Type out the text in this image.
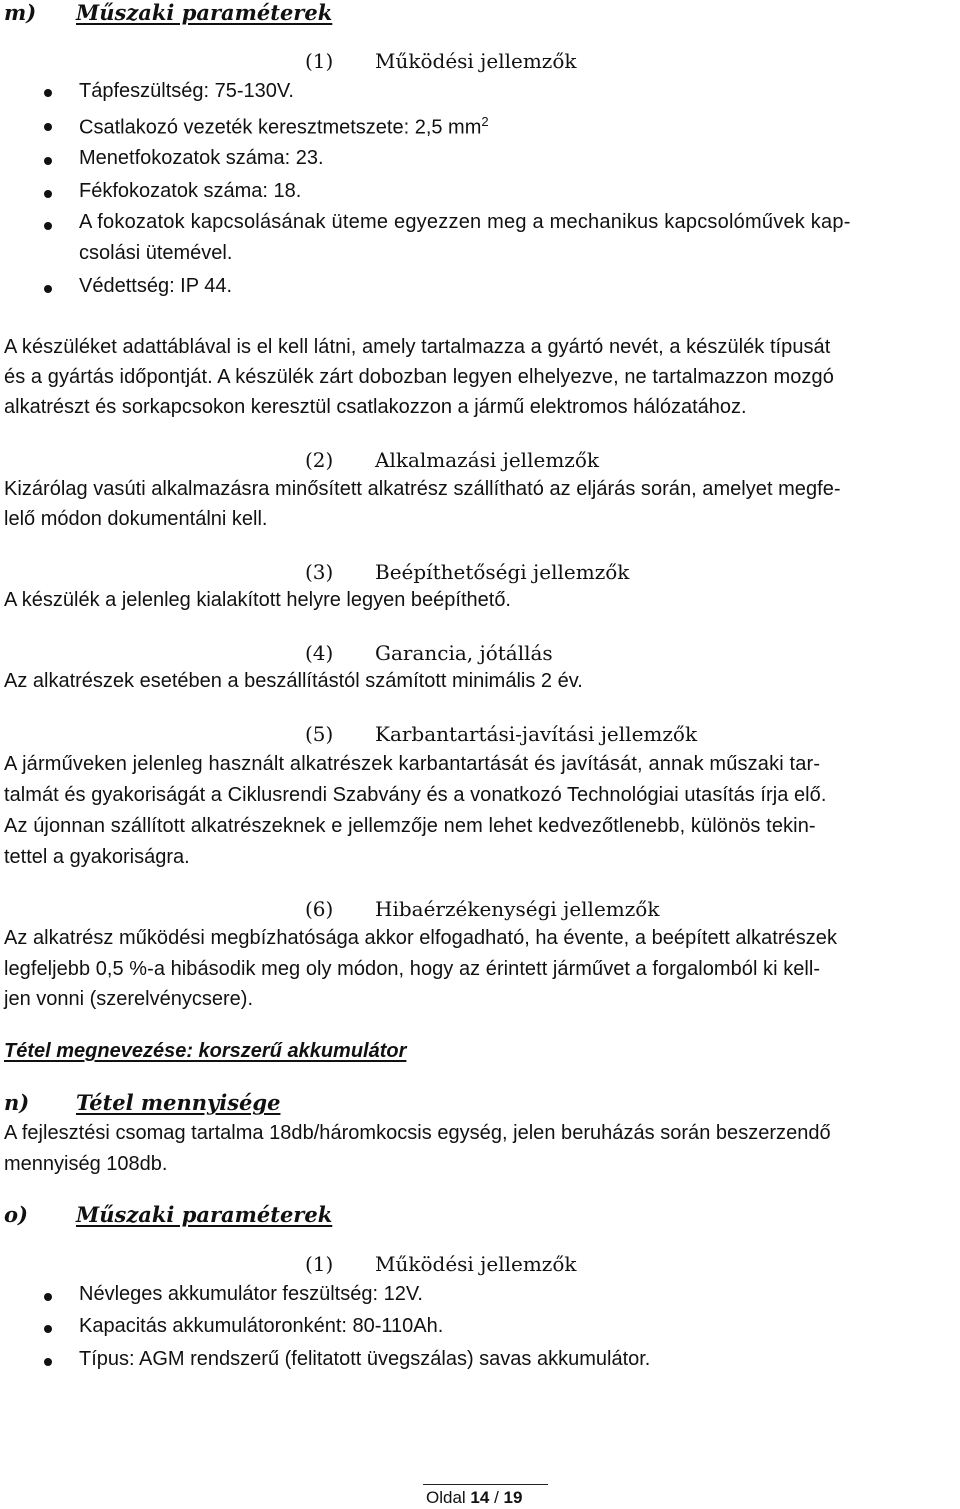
m) Műszaki paraméterek
(1) Működési jellemzők
Tápfeszültség: 75-130V.
Csatlakozó vezeték keresztmetszete: 2,5 $mm^2$
Menetfokozatok száma: 23.
Fékfokozatok száma: 18.
A fokozatok kapcsolásának üteme egyezzen meg a mechanikus kapcsolóművek kap-
csolási ütemével.
Védettség: IP 44.
A készüléket adattáblával is el kell látni, amely tartalmazza a gyártó nevét, a készülék típusát
és a gyártás időpontját. A készülék zárt dobozban legyen elhelyezve, ne tartalmazzon mozgó
alkatrészt és sorkapcsokon keresztül csatlakozzon a jármű elektromos hálózatához.
(2) Alkalmazási jellemzők
Kizárólag vasúti alkalmazásra minősített alkatrész szállítható az eljárás során, amelyet megfe-
lelő módon dokumentálni kell.
(3) Beépíthetőségi jellemzők
A készülék a jelenleg kialakított helyre legyen beépíthető.
(4) Garancia, jótállás
Az alkatrészek esetében a beszállítástól számított minimális 2 év.
(5) Karbantartási-javítási jellemzők
A járműveken jelenleg használt alkatrészek karbantartását és javítását, annak műszaki tar-
talmát és gyakoriságát a Ciklusrendi Szabvány és a vonatkozó Technológiai utasítás írja elő.
Az újonnan szállított alkatrészeknek e jellemzője nem lehet kedvezőtlenebb, különös tekin-
tettel a gyakoriságra.
(6) Hibaérzékenységi jellemzők
Az alkatrész működési megbízhatósága akkor elfogadható, ha évente, a beépített alkatrészek
legfeljebb 0,5 %-a hibásodik meg oly módon, hogy az érintett járművet a forgalomból ki kell-
jen vonni (szerelvénycsere).
Tétel megnevezése: korszerű akkumulátor
n) Tétel mennyisége
A fejlesztési csomag tartalma 18db/háromkocsis egység, jelen beruházás során beszerzendő
mennyiség 108db.
o) Műszaki paraméterek
(1) Működési jellemzők
Névleges akkumulátor feszültség: 12V.
Kapacitás akkumulátoronként: 80-110Ah.
Típus: AGM rendszerű (felitatott üvegszálas) savas akkumulátor.
Oldal 14 / 19
